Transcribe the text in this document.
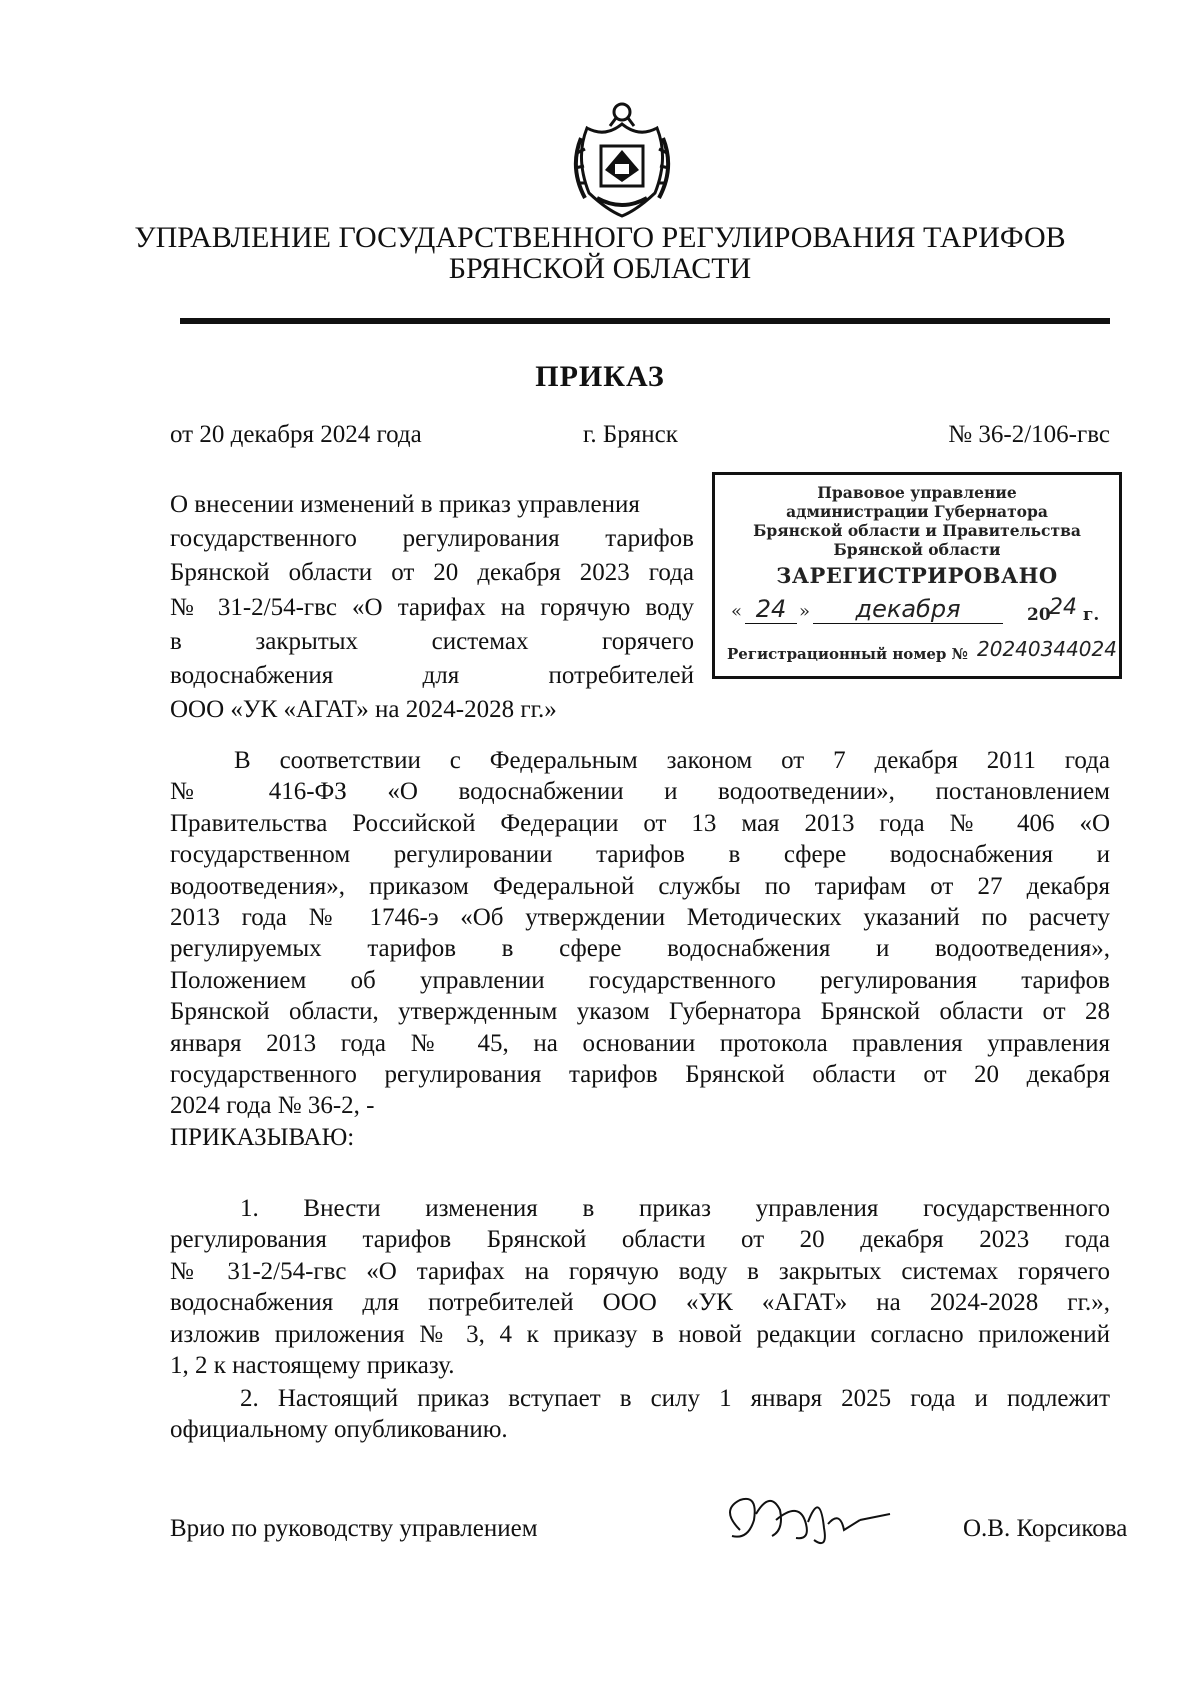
УПРАВЛЕНИЕ ГОСУДАРСТВЕННОГО РЕГУЛИРОВАНИЯ ТАРИФОВ
БРЯНСКОЙ ОБЛАСТИ
ПРИКАЗ
от 20 декабря 2024 года	г. Брянск	№ 36-2/106-гвс
О внесении изменений в приказ управления
государственного регулирования тарифов
Брянской области от 20 декабря 2023 года
№ 31-2/54-гвс «О тарифах на горячую воду
в закрытых системах горячего
водоснабжения для потребителей
ООО «УК «АГАТ» на 2024-2028 гг.»
Правовое управление
администрации Губернатора
Брянской области и Правительства
Брянской области
ЗАРЕГИСТРИРОВАНО
« 24 »	декабря	20
24 г.
Регистрационный номер № 20240344024
В соответствии с Федеральным законом от 7 декабря 2011 года
№ 416-ФЗ «О водоснабжении и водоотведении», постановлением
Правительства Российской Федерации от 13 мая 2013 года № 406 «О
государственном регулировании тарифов в сфере водоснабжения и
водоотведения», приказом Федеральной службы по тарифам от 27 декабря
2013 года № 1746-э «Об утверждении Методических указаний по расчету
регулируемых тарифов в сфере водоснабжения и водоотведения»,
Положением об управлении государственного регулирования тарифов
Брянской области, утвержденным указом Губернатора Брянской области от 28
января 2013 года № 45, на основании протокола правления управления
государственного регулирования тарифов Брянской области от 20 декабря
2024 года № 36-2, -
ПРИКАЗЫВАЮ:
1. Внести изменения в приказ управления государственного
регулирования тарифов Брянской области от 20 декабря 2023 года
№ 31-2/54-гвс «О тарифах на горячую воду в закрытых системах горячего
водоснабжения для потребителей ООО «УК «АГАТ» на 2024-2028 гг.»,
изложив приложения № 3, 4 к приказу в новой редакции согласно приложений
1, 2 к настоящему приказу.
2. Настоящий приказ вступает в силу 1 января 2025 года и подлежит
официальному опубликованию.
Врио по руководству управлением	О.В. Корсикова
